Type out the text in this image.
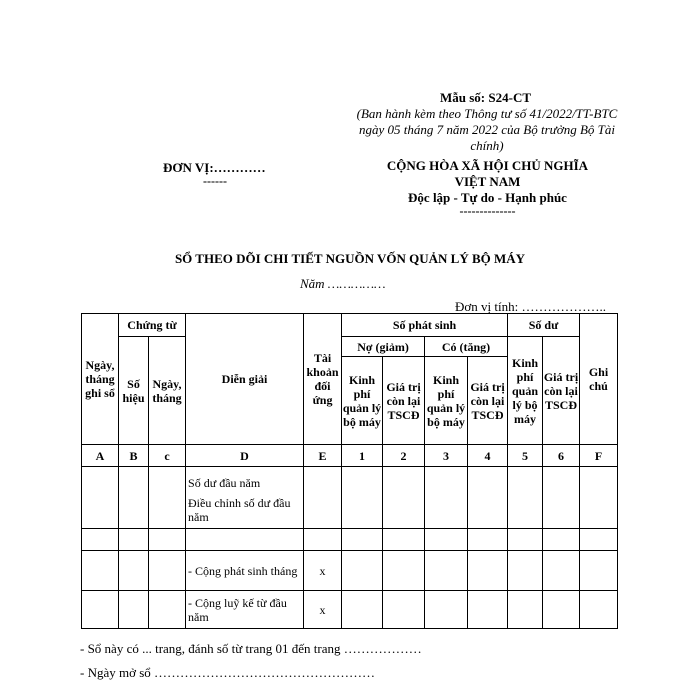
Mẫu số: S24-CT
(Ban hành kèm theo Thông tư số 41/2022/TT-BTC ngày 05 tháng 7 năm 2022 của Bộ trưởng Bộ Tài chính)
ĐƠN VỊ:…………
------
CỘNG HÒA XÃ HỘI CHỦ NGHĨA VIỆT NAM
Độc lập - Tự do - Hạnh phúc
--------------
SỔ THEO DÕI CHI TIẾT NGUỒN VỐN QUẢN LÝ BỘ MÁY
Năm ……………
Đơn vị tính: ………………..
Ngày, tháng ghi sổ	Chứng từ		Diễn giải	Tài khoản đối ứng	Số phát sinh				Số dư		Ghi chú
	Số hiệu	Ngày, tháng			Nợ (giảm)		Có (tăng)		Kinh phí quản lý bộ máy	Giá trị còn lại TSCĐ	
					Kinh phí quản lý bộ máy	Giá trị còn lại TSCĐ	Kinh phí quản lý bộ máy	Giá trị còn lại TSCĐ			
A	B	c	D	E	1	2	3	4	5	6	F

			Số dư đầu năm
Điều chỉnh số dư đầu năm								

			- Cộng phát sinh tháng	x							
			- Cộng luỹ kế từ đầu năm	x							
- Sổ này có ... trang, đánh số từ trang 01 đến trang ………………
- Ngày mở sổ ……………………………………………
